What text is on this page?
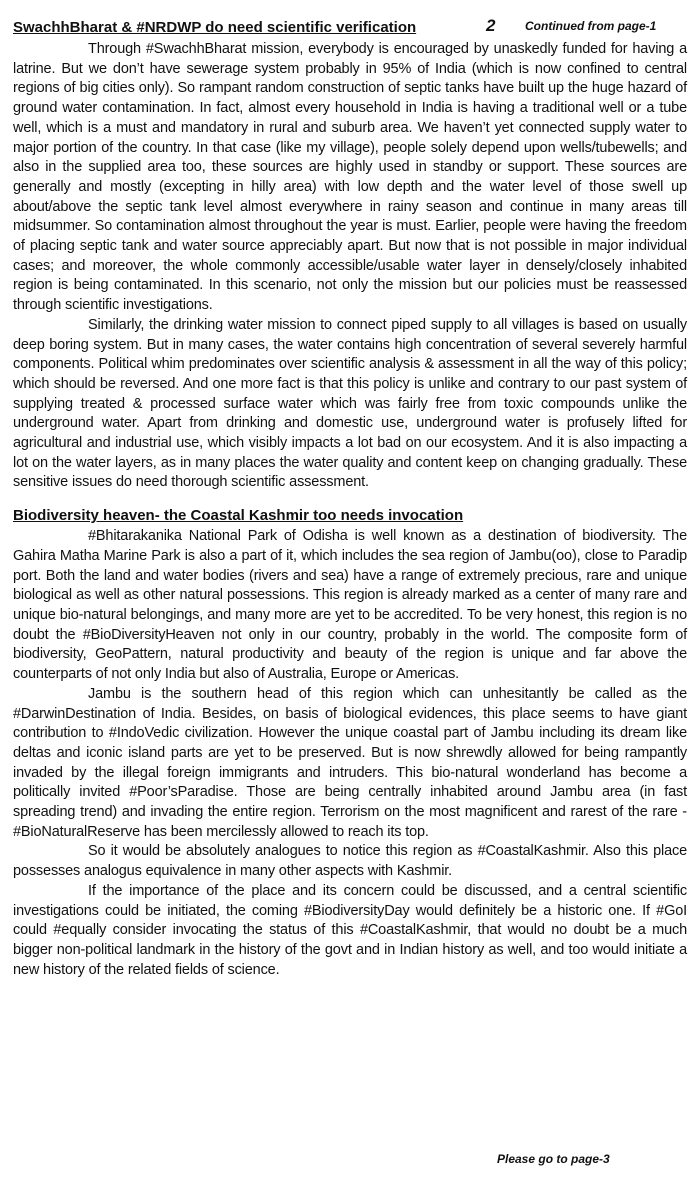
SwachhBharat & #NRDWP do need scientific verification	2 Continued from page-1

Through #SwachhBharat mission, everybody is encouraged by unaskedly funded for having a latrine. But we don’t have sewerage system probably in 95% of India (which is now confined to central regions of big cities only). So rampant random construction of septic tanks have built up the huge hazard of ground water contamination. In fact, almost every household in India is having a traditional well or a tube well, which is a must and mandatory in rural and suburb area. We haven’t yet connected supply water to major portion of the country. In that case (like my village), people solely depend upon wells/tubewells; and also in the supplied area too, these sources are highly used in standby or support. These sources are generally and mostly (excepting in hilly area) with low depth and the water level of those swell up about/above the septic tank level almost everywhere in rainy season and continue in many areas till midsummer. So contamination almost throughout the year is must. Earlier, people were having the freedom of placing septic tank and water source appreciably apart. But now that is not possible in major individual cases; and moreover, the whole commonly accessible/usable water layer in densely/closely inhabited region is being contaminated. In this scenario, not only the mission but our policies must be reassessed through scientific investigations.

Similarly, the drinking water mission to connect piped supply to all villages is based on usually deep boring system. But in many cases, the water contains high concentration of several severely harmful components. Political whim predominates over scientific analysis & assessment in all the way of this policy; which should be reversed. And one more fact is that this policy is unlike and contrary to our past system of supplying treated & processed surface water which was fairly free from toxic compounds unlike the underground water. Apart from drinking and domestic use, underground water is profusely lifted for agricultural and industrial use, which visibly impacts a lot bad on our ecosystem. And it is also impacting a lot on the water layers, as in many places the water quality and content keep on changing gradually. These sensitive issues do need thorough scientific assessment.

Biodiversity heaven- the Coastal Kashmir too needs invocation

#Bhitarakanika National Park of Odisha is well known as a destination of biodiversity. The Gahira Matha Marine Park is also a part of it, which includes the sea region of Jambu(oo), close to Paradip port. Both the land and water bodies (rivers and sea) have a range of extremely precious, rare and unique biological as well as other natural possessions. This region is already marked as a center of many rare and unique bio-natural belongings, and many more are yet to be accredited. To be very honest, this region is no doubt the #BioDiversityHeaven not only in our country, probably in the world. The composite form of biodiversity, GeoPattern, natural productivity and beauty of the region is unique and far above the counterparts of not only India but also of Australia, Europe or Americas.

Jambu is the southern head of this region which can unhesitantly be called as the #DarwinDestination of India. Besides, on basis of biological evidences, this place seems to have giant contribution to #IndoVedic civilization. However the unique coastal part of Jambu including its dream like deltas and iconic island parts are yet to be preserved. But is now shrewdly allowed for being rampantly invaded by the illegal foreign immigrants and intruders. This bio-natural wonderland has become a politically invited #Poor’sParadise. Those are being centrally inhabited around Jambu area (in fast spreading trend) and invading the entire region. Terrorism on the most magnificent and rarest of the rare -#BioNaturalReserve has been mercilessly allowed to reach its top.

So it would be absolutely analogues to notice this region as #CoastalKashmir. Also this place possesses analogus equivalence in many other aspects with Kashmir.

If the importance of the place and its concern could be discussed, and a central scientific investigations could be initiated, the coming #BiodiversityDay would definitely be a historic one. If #GoI could #equally consider invocating the status of this #CoastalKashmir, that would no doubt be a much bigger non-political landmark in the history of the govt and in Indian history as well, and too would initiate a new history of the related fields of science.

Please go to page-3
